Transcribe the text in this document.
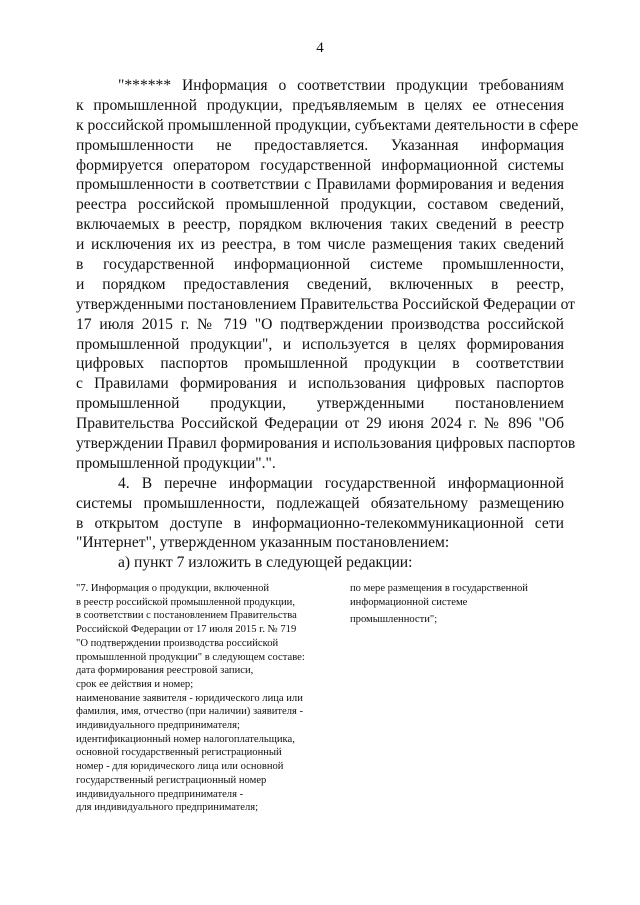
4
"****** Информация о соответствии продукции требованиям
к промышленной продукции, предъявляемым в целях ее отнесения
к российской промышленной продукции, субъектами деятельности в сфере
промышленности не предоставляется. Указанная информация
формируется оператором государственной информационной системы
промышленности в соответствии с Правилами формирования и ведения
реестра российской промышленной продукции, составом сведений,
включаемых в реестр, порядком включения таких сведений в реестр
и исключения их из реестра, в том числе размещения таких сведений
в государственной информационной системе промышленности,
и порядком предоставления сведений, включенных в реестр,
утвержденными постановлением Правительства Российской Федерации от
17 июля 2015 г. № 719 "О подтверждении производства российской
промышленной продукции", и используется в целях формирования
цифровых паспортов промышленной продукции в соответствии
с Правилами формирования и использования цифровых паспортов
промышленной продукции, утвержденными постановлением
Правительства Российской Федерации от 29 июня 2024 г. № 896 "Об
утверждении Правил формирования и использования цифровых паспортов
промышленной продукции".".
4. В перечне информации государственной информационной
системы промышленности, подлежащей обязательному размещению
в открытом доступе в информационно-телекоммуникационной сети
"Интернет", утвержденном указанным постановлением:
а) пункт 7 изложить в следующей редакции:
"7. Информация о продукции, включенной
в реестр российской промышленной продукции,
в соответствии с постановлением Правительства
Российской Федерации от 17 июля 2015 г. № 719
"О подтверждении производства российской
промышленной продукции" в следующем составе:
дата формирования реестровой записи,
срок ее действия и номер;
наименование заявителя - юридического лица или
фамилия, имя, отчество (при наличии) заявителя -
индивидуального предпринимателя;
идентификационный номер налогоплательщика,
основной государственный регистрационный
номер - для юридического лица или основной
государственный регистрационный номер
индивидуального предпринимателя -
для индивидуального предпринимателя;
по мере размещения в государственной
информационной системе
промышленности";
